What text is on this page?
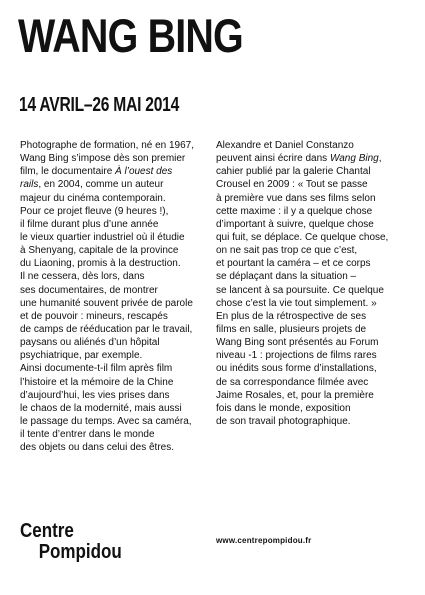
WANG BING
14 AVRIL–26 MAI 2014
Photographe de formation, né en 1967,
Wang Bing s’impose dès son premier
film, le documentaire À l’ouest des
rails, en 2004, comme un auteur
majeur du cinéma contemporain.
Pour ce projet fleuve (9 heures !),
il filme durant plus d’une année
le vieux quartier industriel où il étudie
à Shenyang, capitale de la province
du Liaoning, promis à la destruction.
Il ne cessera, dès lors, dans
ses documentaires, de montrer
une humanité souvent privée de parole
et de pouvoir : mineurs, rescapés
de camps de rééducation par le travail,
paysans ou aliénés d’un hôpital
psychiatrique, par exemple.
Ainsi documente-t-il film après film
l’histoire et la mémoire de la Chine
d’aujourd’hui, les vies prises dans
le chaos de la modernité, mais aussi
le passage du temps. Avec sa caméra,
il tente d’entrer dans le monde
des objets ou dans celui des êtres.
Alexandre et Daniel Constanzo
peuvent ainsi écrire dans Wang Bing,
cahier publié par la galerie Chantal
Crousel en 2009 : « Tout se passe
à première vue dans ses films selon
cette maxime : il y a quelque chose
d’important à suivre, quelque chose
qui fuit, se déplace. Ce quelque chose,
on ne sait pas trop ce que c’est,
et pourtant la caméra – et ce corps
se déplaçant dans la situation –
se lancent à sa poursuite. Ce quelque
chose c’est la vie tout simplement. »
En plus de la rétrospective de ses
films en salle, plusieurs projets de
Wang Bing sont présentés au Forum
niveau -1 : projections de films rares
ou inédits sous forme d’installations,
de sa correspondance filmée avec
Jaime Rosales, et, pour la première
fois dans le monde, exposition
de son travail photographique.
Centre
Pompidou
www.centrepompidou.fr
